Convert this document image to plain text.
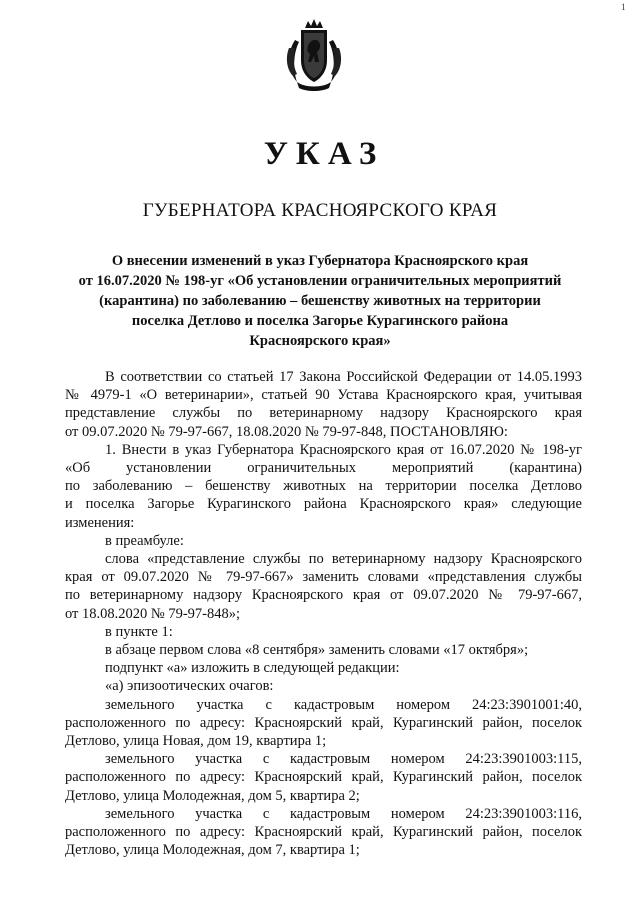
1
УКАЗ
ГУБЕРНАТОРА КРАСНОЯРСКОГО КРАЯ
О внесении изменений в указ Губернатора Красноярского края
от 16.07.2020 № 198-уг «Об установлении ограничительных мероприятий
(карантина) по заболеванию – бешенству животных на территории
поселка Детлово и поселка Загорье Курагинского района
Красноярского края»
В соответствии со статьей 17 Закона Российской Федерации от 14.05.1993
№ 4979-1 «О ветеринарии», статьей 90 Устава Красноярского края, учитывая
представление службы по ветеринарному надзору Красноярского края
от 09.07.2020 № 79-97-667, 18.08.2020 № 79-97-848, ПОСТАНОВЛЯЮ:
1. Внести в указ Губернатора Красноярского края от 16.07.2020 № 198-уг
«Об установлении ограничительных мероприятий (карантина)
по заболеванию – бешенству животных на территории поселка Детлово
и поселка Загорье Курагинского района Красноярского края» следующие
изменения:
в преамбуле:
слова «представление службы по ветеринарному надзору Красноярского
края от 09.07.2020 № 79-97-667» заменить словами «представления службы
по ветеринарному надзору Красноярского края от 09.07.2020 № 79-97-667,
от 18.08.2020 № 79-97-848»;
в пункте 1:
в абзаце первом слова «8 сентября» заменить словами «17 октября»;
подпункт «а» изложить в следующей редакции:
«а) эпизоотических очагов:
земельного участка с кадастровым номером 24:23:3901001:40,
расположенного по адресу: Красноярский край, Курагинский район, поселок
Детлово, улица Новая, дом 19, квартира 1;
земельного участка с кадастровым номером 24:23:3901003:115,
расположенного по адресу: Красноярский край, Курагинский район, поселок
Детлово, улица Молодежная, дом 5, квартира 2;
земельного участка с кадастровым номером 24:23:3901003:116,
расположенного по адресу: Красноярский край, Курагинский район, поселок
Детлово, улица Молодежная, дом 7, квартира 1;
